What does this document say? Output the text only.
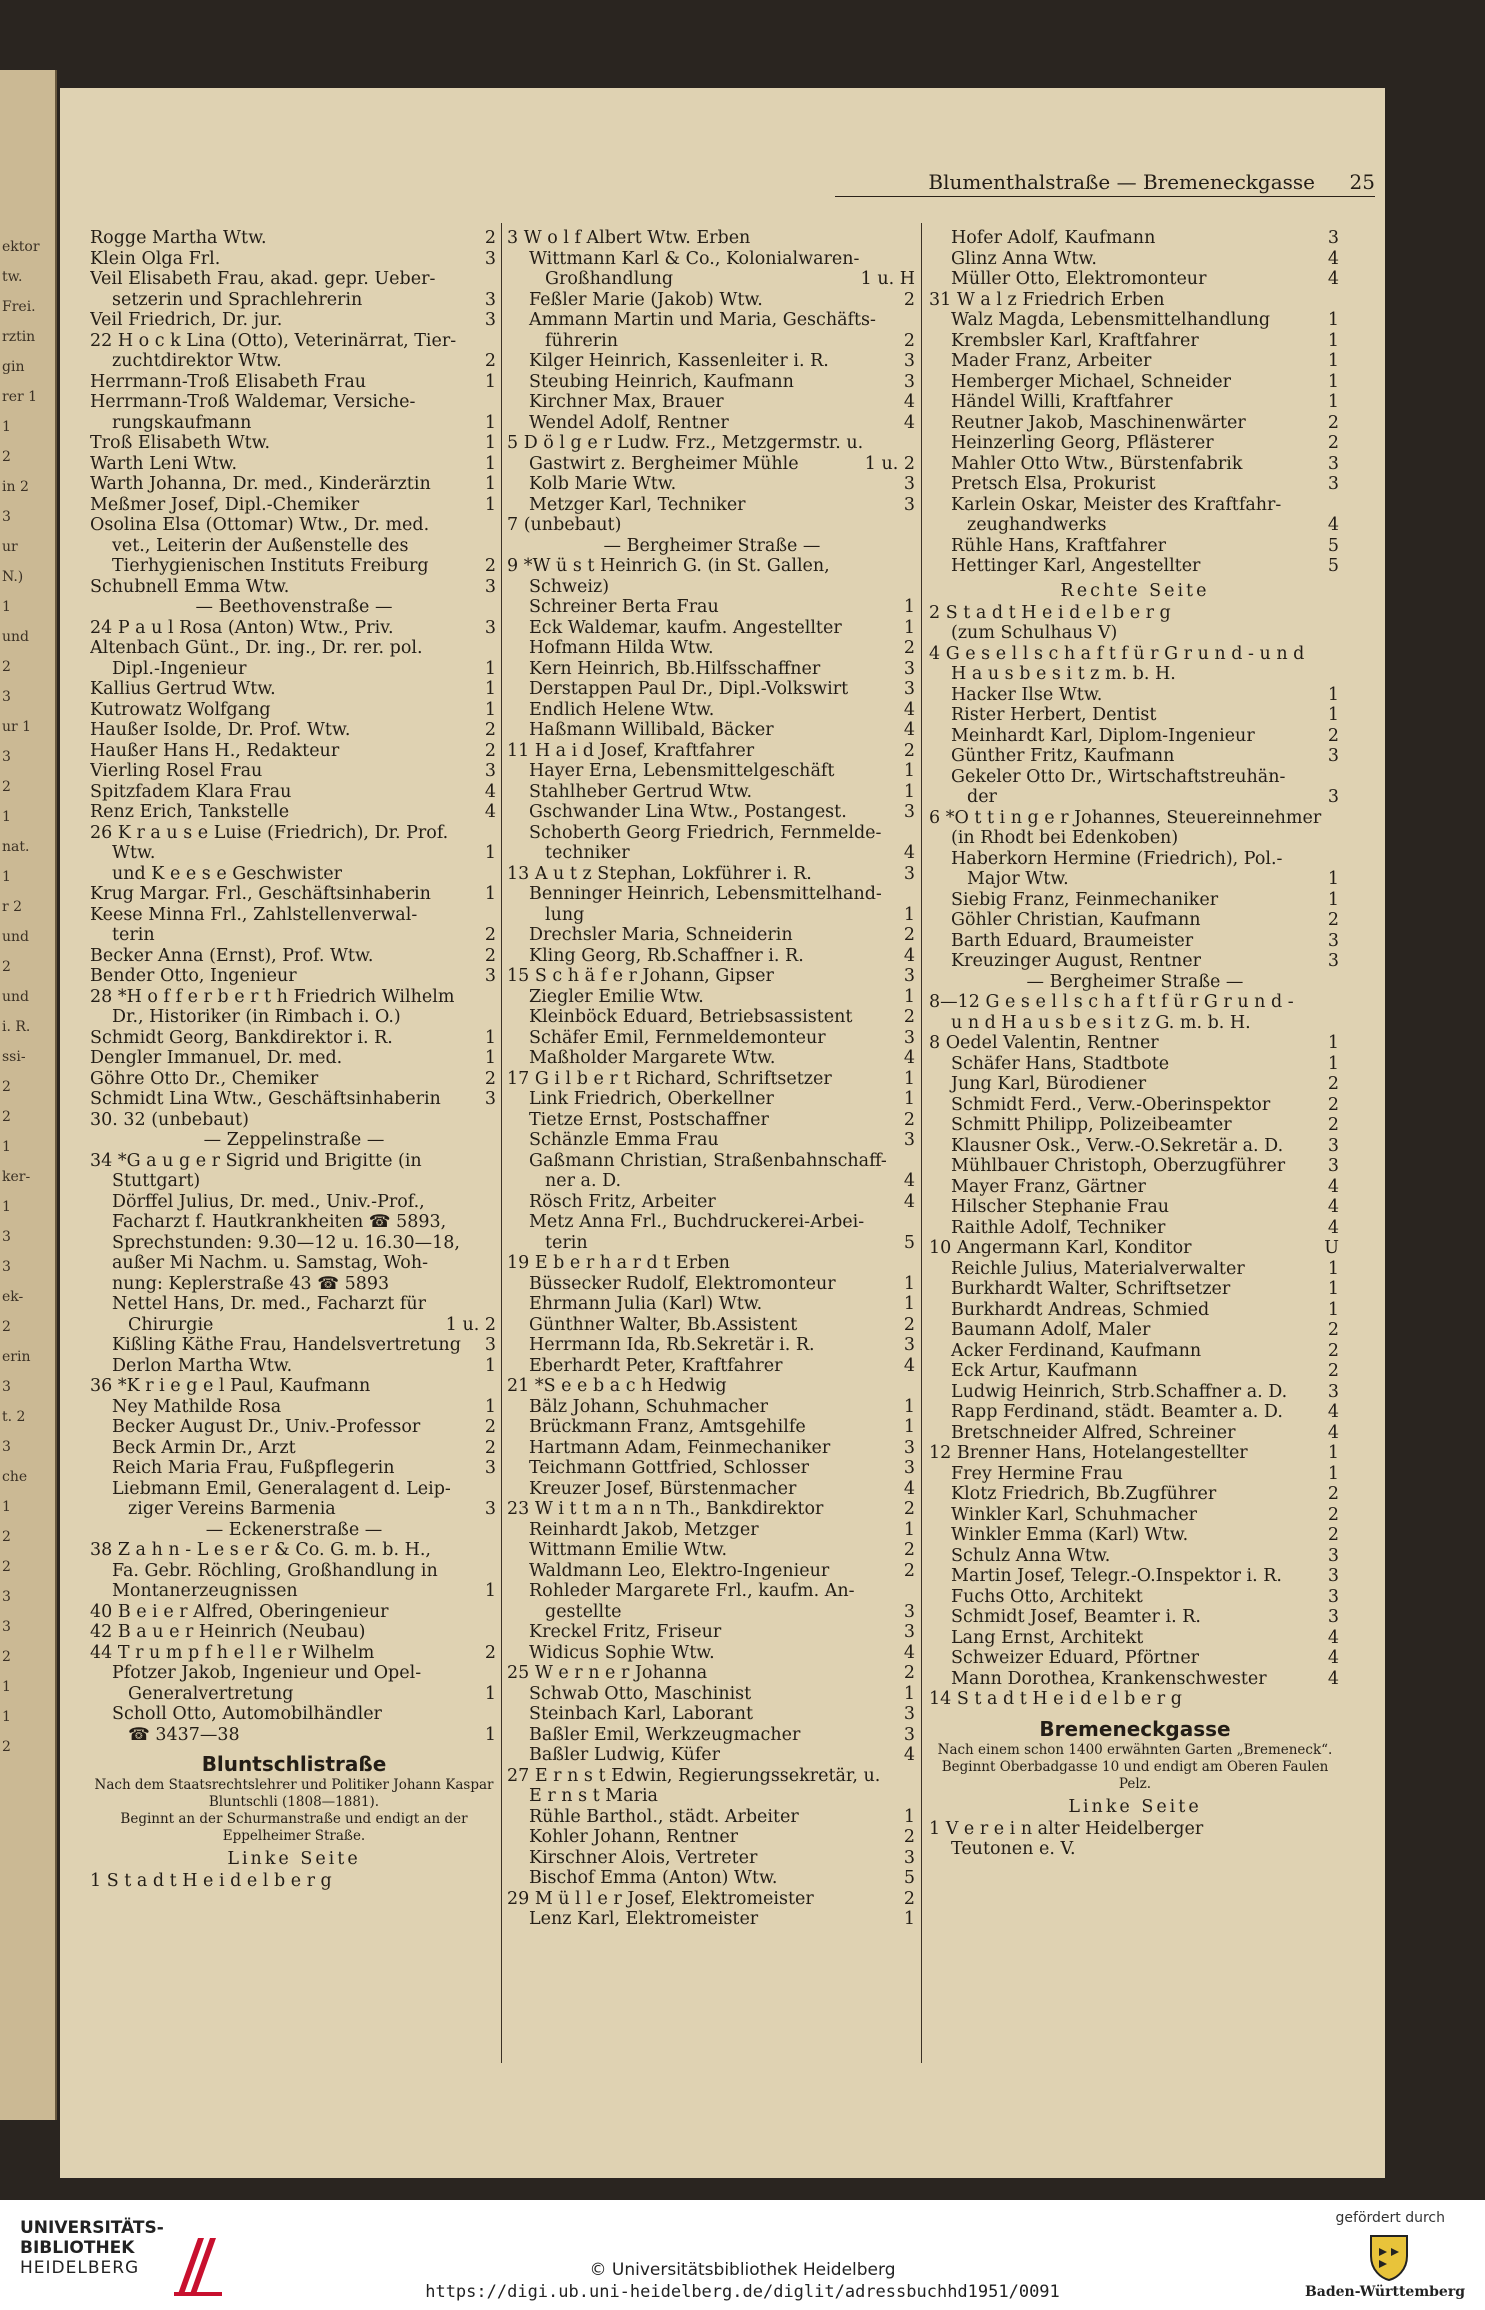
ektor
tw.
Frei.
rztin
gin
rer 1
1
2
in 2
3
ur
N.)
1
und
2
3
ur 1
3
2
1
nat.
1
r 2
und
2
und
i. R.
ssi-
2
2
1
ker-
1
3
3
ek-
2
erin
3
t. 2
3
che
1
2
2
3
3
2
1
1
2
Blumenthalstraße — Bremeneckgasse 25
Rogge Martha Wtw.	2
Klein Olga Frl.	3
Veil Elisabeth Frau, akad. gepr. Ueber-
setzerin und Sprachlehrerin	3
Veil Friedrich, Dr. jur.	3
22 H o c k Lina (Otto), Veterinärrat, Tier-
zuchtdirektor Wtw.	2
Herrmann-Troß Elisabeth Frau	1
Herrmann-Troß Waldemar, Versiche-
rungskaufmann	1
Troß Elisabeth Wtw.	1
Warth Leni Wtw.	1
Warth Johanna, Dr. med., Kinderärztin	1
Meßmer Josef, Dipl.-Chemiker	1
Osolina Elsa (Ottomar) Wtw., Dr. med.
vet., Leiterin der Außenstelle des
Tierhygienischen Instituts Freiburg	2
Schubnell Emma Wtw.	3
— Beethovenstraße —
24 P a u l Rosa (Anton) Wtw., Priv.	3
Altenbach Günt., Dr. ing., Dr. rer. pol.
Dipl.-Ingenieur	1
Kallius Gertrud Wtw.	1
Kutrowatz Wolfgang	1
Haußer Isolde, Dr. Prof. Wtw.	2
Haußer Hans H., Redakteur	2
Vierling Rosel Frau	3
Spitzfadem Klara Frau	4
Renz Erich, Tankstelle	4
26 K r a u s e Luise (Friedrich), Dr. Prof.
Wtw.	1
und K e e s e Geschwister
Krug Margar. Frl., Geschäftsinhaberin	1
Keese Minna Frl., Zahlstellenverwal-
terin	2
Becker Anna (Ernst), Prof. Wtw.	2
Bender Otto, Ingenieur	3
28 *H o f f e r b e r t h Friedrich Wilhelm
Dr., Historiker (in Rimbach i. O.)
Schmidt Georg, Bankdirektor i. R.	1
Dengler Immanuel, Dr. med.	1
Göhre Otto Dr., Chemiker	2
Schmidt Lina Wtw., Geschäftsinhaberin	3
30. 32 (unbebaut)
— Zeppelinstraße —
34 *G a u g e r Sigrid und Brigitte (in
Stuttgart)
Dörffel Julius, Dr. med., Univ.-Prof.,
Facharzt f. Hautkrankheiten ☎ 5893,
Sprechstunden: 9.30—12 u. 16.30—18,
außer Mi Nachm. u. Samstag, Woh-
nung: Keplerstraße 43 ☎ 5893
Nettel Hans, Dr. med., Facharzt für
Chirurgie	1 u. 2
Kißling Käthe Frau, Handelsvertretung 3
Derlon Martha Wtw.	1
36 *K r i e g e l Paul, Kaufmann
Ney Mathilde Rosa	1
Becker August Dr., Univ.-Professor	2
Beck Armin Dr., Arzt	2
Reich Maria Frau, Fußpflegerin	3
Liebmann Emil, Generalagent d. Leip-
ziger Vereins Barmenia	3
— Eckenerstraße —
38 Z a h n - L e s e r & Co. G. m. b. H.,
Fa. Gebr. Röchling, Großhandlung in
Montanerzeugnissen	1
40 B e i e r Alfred, Oberingenieur
42 B a u e r Heinrich (Neubau)
44 T r u m p f h e l l e r Wilhelm	2
Pfotzer Jakob, Ingenieur und Opel-
Generalvertretung	1
Scholl Otto, Automobilhändler
☎ 3437—38	1
Bluntschlistraße
Nach dem Staatsrechtslehrer und Politiker Johann Kaspar Bluntschli (1808—1881).
Beginnt an der Schurmanstraße und endigt an der Eppelheimer Straße.
Linke Seite
1 S t a d t H e i d e l b e r g
3 W o l f Albert Wtw. Erben
Wittmann Karl & Co., Kolonialwaren-
Großhandlung	1 u. H
Feßler Marie (Jakob) Wtw.	2
Ammann Martin und Maria, Geschäfts-
führerin	2
Kilger Heinrich, Kassenleiter i. R.	3
Steubing Heinrich, Kaufmann	3
Kirchner Max, Brauer	4
Wendel Adolf, Rentner	4
5 D ö l g e r Ludw. Frz., Metzgermstr. u.
Gastwirt z. Bergheimer Mühle	1 u. 2
Kolb Marie Wtw.	3
Metzger Karl, Techniker	3
7 (unbebaut)
— Bergheimer Straße —
9 *W ü s t Heinrich G. (in St. Gallen,
Schweiz)
Schreiner Berta Frau	1
Eck Waldemar, kaufm. Angestellter	1
Hofmann Hilda Wtw.	2
Kern Heinrich, Bb.Hilfsschaffner	3
Derstappen Paul Dr., Dipl.-Volkswirt	3
Endlich Helene Wtw.	4
Haßmann Willibald, Bäcker	4
11 H a i d Josef, Kraftfahrer	2
Hayer Erna, Lebensmittelgeschäft	1
Stahlheber Gertrud Wtw.	1
Gschwander Lina Wtw., Postangest.	3
Schoberth Georg Friedrich, Fernmelde-
techniker	4
13 A u t z Stephan, Lokführer i. R.	3
Benninger Heinrich, Lebensmittelhand-
lung	1
Drechsler Maria, Schneiderin	2
Kling Georg, Rb.Schaffner i. R.	4
15 S c h ä f e r Johann, Gipser	3
Ziegler Emilie Wtw.	1
Kleinböck Eduard, Betriebsassistent	2
Schäfer Emil, Fernmeldemonteur	3
Maßholder Margarete Wtw.	4
17 G i l b e r t Richard, Schriftsetzer	1
Link Friedrich, Oberkellner	1
Tietze Ernst, Postschaffner	2
Schänzle Emma Frau	3
Gaßmann Christian, Straßenbahnschaff-
ner a. D.	4
Rösch Fritz, Arbeiter	4
Metz Anna Frl., Buchdruckerei-Arbei-
terin	5
19 E b e r h a r d t Erben
Büssecker Rudolf, Elektromonteur	1
Ehrmann Julia (Karl) Wtw.	1
Günthner Walter, Bb.Assistent	2
Herrmann Ida, Rb.Sekretär i. R.	3
Eberhardt Peter, Kraftfahrer	4
21 *S e e b a c h Hedwig
Bälz Johann, Schuhmacher	1
Brückmann Franz, Amtsgehilfe	1
Hartmann Adam, Feinmechaniker	3
Teichmann Gottfried, Schlosser	3
Kreuzer Josef, Bürstenmacher	4
23 W i t t m a n n Th., Bankdirektor	2
Reinhardt Jakob, Metzger	1
Wittmann Emilie Wtw.	2
Waldmann Leo, Elektro-Ingenieur	2
Rohleder Margarete Frl., kaufm. An-
gestellte	3
Kreckel Fritz, Friseur	3
Widicus Sophie Wtw.	4
25 W e r n e r Johanna	2
Schwab Otto, Maschinist	1
Steinbach Karl, Laborant	3
Baßler Emil, Werkzeugmacher	3
Baßler Ludwig, Küfer	4
27 E r n s t Edwin, Regierungssekretär, u.
E r n s t Maria
Rühle Barthol., städt. Arbeiter	1
Kohler Johann, Rentner	2
Kirschner Alois, Vertreter	3
Bischof Emma (Anton) Wtw.	5
29 M ü l l e r Josef, Elektromeister	2
Lenz Karl, Elektromeister	1
Hofer Adolf, Kaufmann	3
Glinz Anna Wtw.	4
Müller Otto, Elektromonteur	4
31 W a l z Friedrich Erben
Walz Magda, Lebensmittelhandlung	1
Krembsler Karl, Kraftfahrer	1
Mader Franz, Arbeiter	1
Hemberger Michael, Schneider	1
Händel Willi, Kraftfahrer	1
Reutner Jakob, Maschinenwärter	2
Heinzerling Georg, Pflästerer	2
Mahler Otto Wtw., Bürstenfabrik	3
Pretsch Elsa, Prokurist	3
Karlein Oskar, Meister des Kraftfahr-
zeughandwerks	4
Rühle Hans, Kraftfahrer	5
Hettinger Karl, Angestellter	5
Rechte Seite
2 S t a d t H e i d e l b e r g
(zum Schulhaus V)
4 G e s e l l s c h a f t f ü r G r u n d - u n d
H a u s b e s i t z m. b. H.
Hacker Ilse Wtw.	1
Rister Herbert, Dentist	1
Meinhardt Karl, Diplom-Ingenieur	2
Günther Fritz, Kaufmann	3
Gekeler Otto Dr., Wirtschaftstreuhän-
der	3
6 *O t t i n g e r Johannes, Steuereinnehmer
(in Rhodt bei Edenkoben)
Haberkorn Hermine (Friedrich), Pol.-
Major Wtw.	1
Siebig Franz, Feinmechaniker	1
Göhler Christian, Kaufmann	2
Barth Eduard, Braumeister	3
Kreuzinger August, Rentner	3
— Bergheimer Straße —
8—12 G e s e l l s c h a f t f ü r G r u n d -
u n d H a u s b e s i t z G. m. b. H.
8 Oedel Valentin, Rentner	1
Schäfer Hans, Stadtbote	1
Jung Karl, Bürodiener	2
Schmidt Ferd., Verw.-Oberinspektor	2
Schmitt Philipp, Polizeibeamter	2
Klausner Osk., Verw.-O.Sekretär a. D.	3
Mühlbauer Christoph, Oberzugführer 3
Mayer Franz, Gärtner	4
Hilscher Stephanie Frau	4
Raithle Adolf, Techniker	4
10 Angermann Karl, Konditor	U
Reichle Julius, Materialverwalter	1
Burkhardt Walter, Schriftsetzer	1
Burkhardt Andreas, Schmied	1
Baumann Adolf, Maler	2
Acker Ferdinand, Kaufmann	2
Eck Artur, Kaufmann	2
Ludwig Heinrich, Strb.Schaffner a. D. 3
Rapp Ferdinand, städt. Beamter a. D.	4
Bretschneider Alfred, Schreiner	4
12 Brenner Hans, Hotelangestellter	1
Frey Hermine Frau	1
Klotz Friedrich, Bb.Zugführer	2
Winkler Karl, Schuhmacher	2
Winkler Emma (Karl) Wtw.	2
Schulz Anna Wtw.	3
Martin Josef, Telegr.-O.Inspektor i. R.	3
Fuchs Otto, Architekt	3
Schmidt Josef, Beamter i. R.	3
Lang Ernst, Architekt	4
Schweizer Eduard, Pförtner	4
Mann Dorothea, Krankenschwester	4
14 S t a d t H e i d e l b e r g
Bremeneckgasse
Nach einem schon 1400 erwähnten Garten „Bremeneck“.
Beginnt Oberbadgasse 10 und endigt am Oberen Faulen Pelz.
Linke Seite
1 V e r e i n alter Heidelberger
Teutonen e. V.
UNIVERSITÄTS-
BIBLIOTHEK
HEIDELBERG	© Universitätsbibliothek Heidelberg
https://digi.ub.uni-heidelberg.de/diglit/adressbuchhd1951/0091
gefördert durch
Baden-Württemberg
